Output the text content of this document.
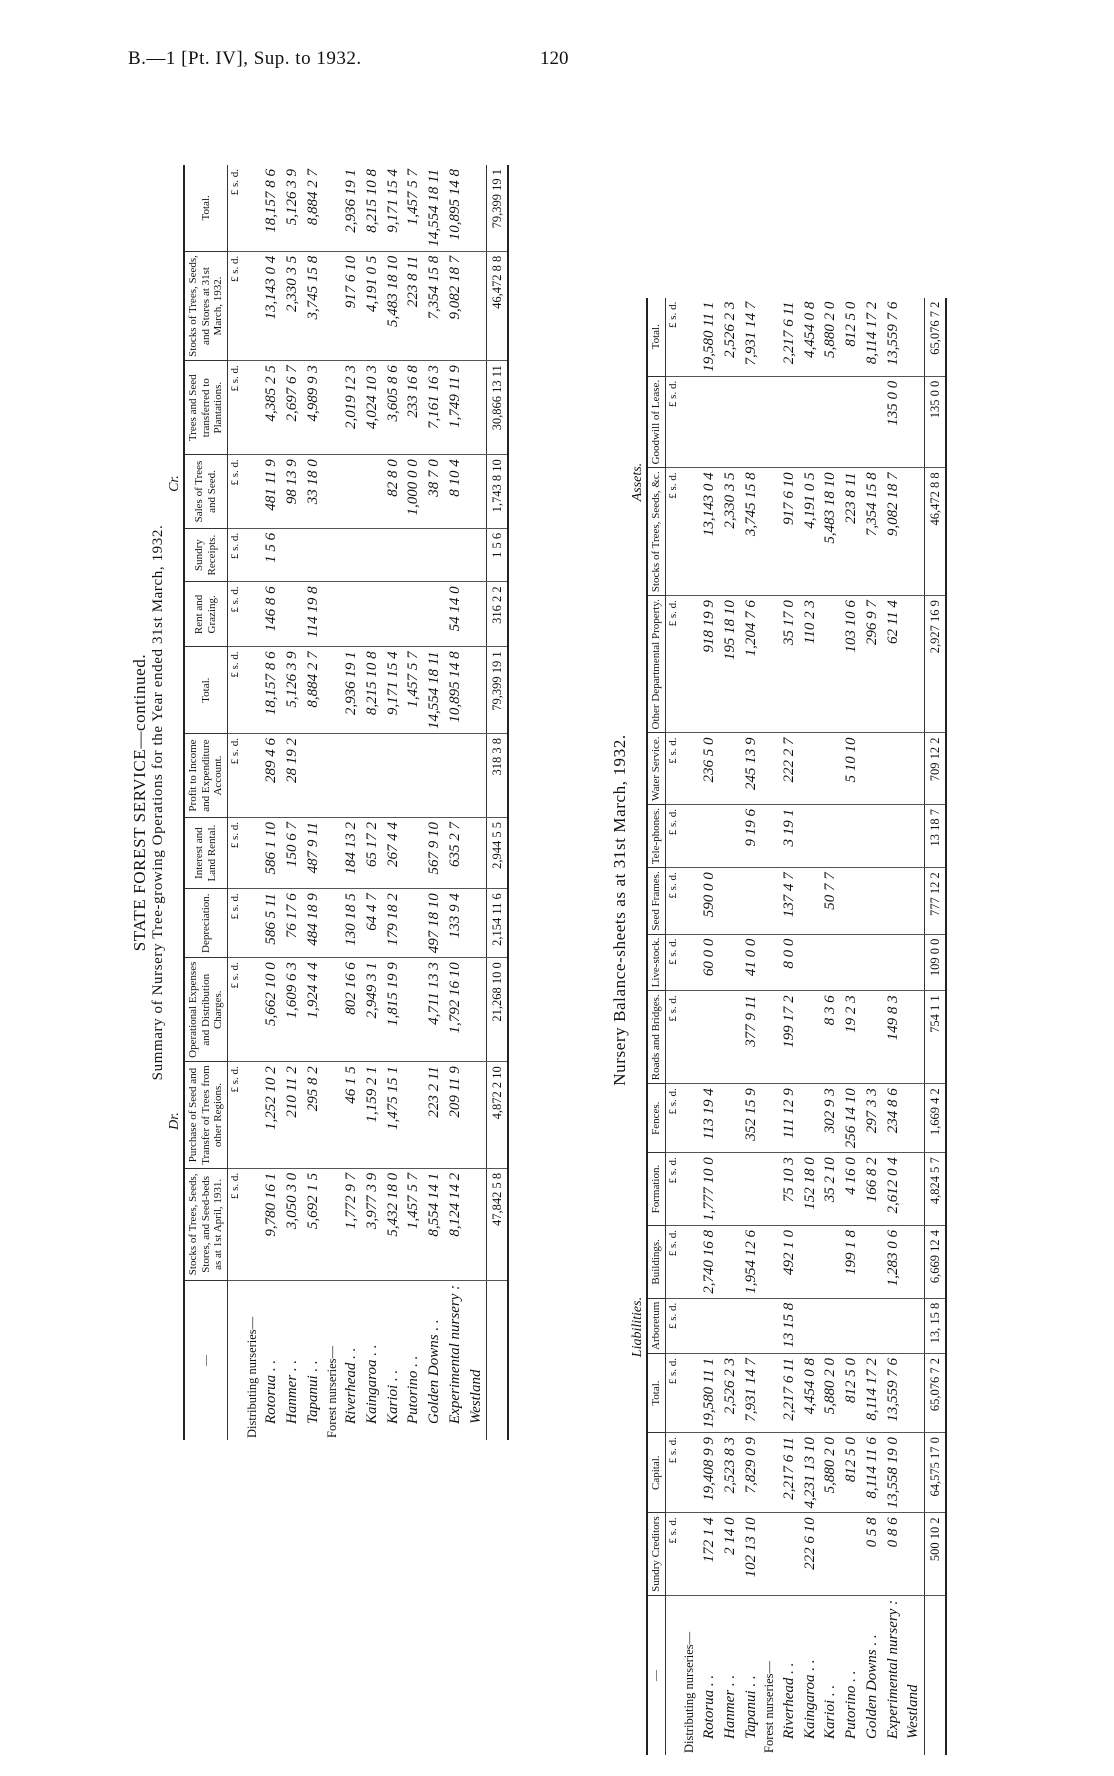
B.—1 [Pt. IV], Sup. to 1932.	120

STATE FOREST SERVICE—continued. Summary of Nursery Tree-growing Operations for the Year ended 31st March, 1932.

Dr.
Cr.
—	Stocks of Trees, Seeds, Stores, and Seed-beds as at 1st April, 1931.	Purchase of Seed and Transfer of Trees from other Regions.	Operational Expenses and Distribution Charges.	Depreciation.	Interest and Land Rental.	Profit to Income and Expenditure Account.	Total.	Rent and Grazing.	Sundry Receipts.	Sales of Trees and Seed.	Trees and Seed transferred to Plantations.	Stocks of Trees, Seeds, and Stores at 31st March, 1932.	Total.
	£ s. d.	£ s. d.	£ s. d.	£ s. d.	£ s. d.	£ s. d.	£ s. d.	£ s. d.	£ s. d.	£ s. d.	£ s. d.	£ s. d.	£ s. d.
Distributing nurseries—													
Rotorua . .	9,780 16 1	1,252 10 2	5,662 10 0	586 5 11	586 1 10	289 4 6	18,157 8 6	146 8 6	1 5 6	481 11 9	4,385 2 5	13,143 0 4	18,157 8 6
Hanmer . .	3,050 3 0	210 11 2	1,609 6 3	76 17 6	150 6 7	28 19 2	5,126 3 9			98 13 9	2,697 6 7	2,330 3 5	5,126 3 9
Tapanui . .	5,692 1 5	295 8 2	1,924 4 4	484 18 9	487 9 11		8,884 2 7	114 19 8		33 18 0	4,989 9 3	3,745 15 8	8,884 2 7
Forest nurseries—													
Riverhead . .	1,772 9 7	46 1 5	802 16 6	130 18 5	184 13 2		2,936 19 1				2,019 12 3	917 6 10	2,936 19 1
Kaingaroa . .	3,977 3 9	1,159 2 1	2,949 3 1	64 4 7	65 17 2		8,215 10 8				4,024 10 3	4,191 0 5	8,215 10 8
Karioi . .	5,432 18 0	1,475 15 1	1,815 19 9	179 18 2	267 4 4		9,171 15 4			82 8 0	3,605 8 6	5,483 18 10	9,171 15 4
Putorino . .	1,457 5 7						1,457 5 7			1,000 0 0	233 16 8	223 8 11	1,457 5 7
Golden Downs . .	8,554 14 1	223 2 11	4,711 13 3	497 18 10	567 9 10		14,554 18 11			38 7 0	7,161 16 3	7,354 15 8	14,554 18 11
Experimental nursery :	8,124 14 2	209 11 9	1,792 16 10	133 9 4	635 2 7		10,895 14 8	54 14 0		8 10 4	1,749 11 9	9,082 18 7	10,895 14 8
Westland													
	47,842 5 8	4,872 2 10	21,268 10 0	2,154 11 6	2,944 5 5	318 3 8	79,399 19 1	316 2 2	1 5 6	1,743 8 10	30,866 13 11	46,472 8 8	79,399 19 1

Nursery Balance-sheets as at 31st March, 1932.

Liabilities.
Assets.
—	Sundry Creditors	Capital.	Total.	Arboretum	Buildings.	Formation.	Fences.	Roads and Bridges.	Live-stock.	Seed Frames.	Tele-phones.	Water Service.	Other Departmental Property.	Stocks of Trees, Seeds, &c.	Goodwill of Lease.	Total.
	£ s. d.	£ s. d.	£ s. d.	£ s. d.	£ s. d.	£ s. d.	£ s. d.	£ s. d.	£ s. d.	£ s. d.	£ s. d.	£ s. d.	£ s. d.	£ s. d.	£ s. d.	£ s. d.
Distributing nurseries—																
Rotorua . .	172 1 4	19,408 9 9	19,580 11 1		2,740 16 8	1,777 10 0	113 19 4		60 0 0	590 0 0		236 5 0	918 19 9	13,143 0 4		19,580 11 1
Hanmer . .	2 14 0	2,523 8 3	2,526 2 3										195 18 10	2,330 3 5		2,526 2 3
Tapanui . .	102 13 10	7,829 0 9	7,931 14 7		1,954 12 6		352 15 9	377 9 11	41 0 0		9 19 6	245 13 9	1,204 7 6	3,745 15 8		7,931 14 7
Forest nurseries—																
Riverhead . .		2,217 6 11	2,217 6 11	13 15 8	492 1 0	75 10 3	111 12 9	199 17 2	8 0 0	137 4 7	3 19 1	222 2 7	35 17 0	917 6 10		2,217 6 11
Kaingaroa . .	222 6 10	4,231 13 10	4,454 0 8			152 18 0							110 2 3	4,191 0 5		4,454 0 8
Karioi . .		5,880 2 0	5,880 2 0			35 2 10	302 9 3	8 3 6		50 7 7				5,483 18 10		5,880 2 0
Putorino . .		812 5 0	812 5 0		199 1 8	4 16 0	256 14 10	19 2 3				5 10 10	103 10 6	223 8 11		812 5 0
Golden Downs . .	0 5 8	8,114 11 6	8,114 17 2			166 8 2	297 3 3						296 9 7	7,354 15 8		8,114 17 2
Experimental nursery :	0 8 6	13,558 19 0	13,559 7 6		1,283 0 6	2,612 0 4	234 8 6	149 8 3					62 11 4	9,082 18 7	135 0 0	13,559 7 6
Westland																
	500 10 2	64,575 17 0	65,076 7 2	13, 15 8	6,669 12 4	4,824 5 7	1,669 4 2	754 1 1	109 0 0	777 12 2	13 18 7	709 12 2	2,927 16 9	46,472 8 8	135 0 0	65,076 7 2
